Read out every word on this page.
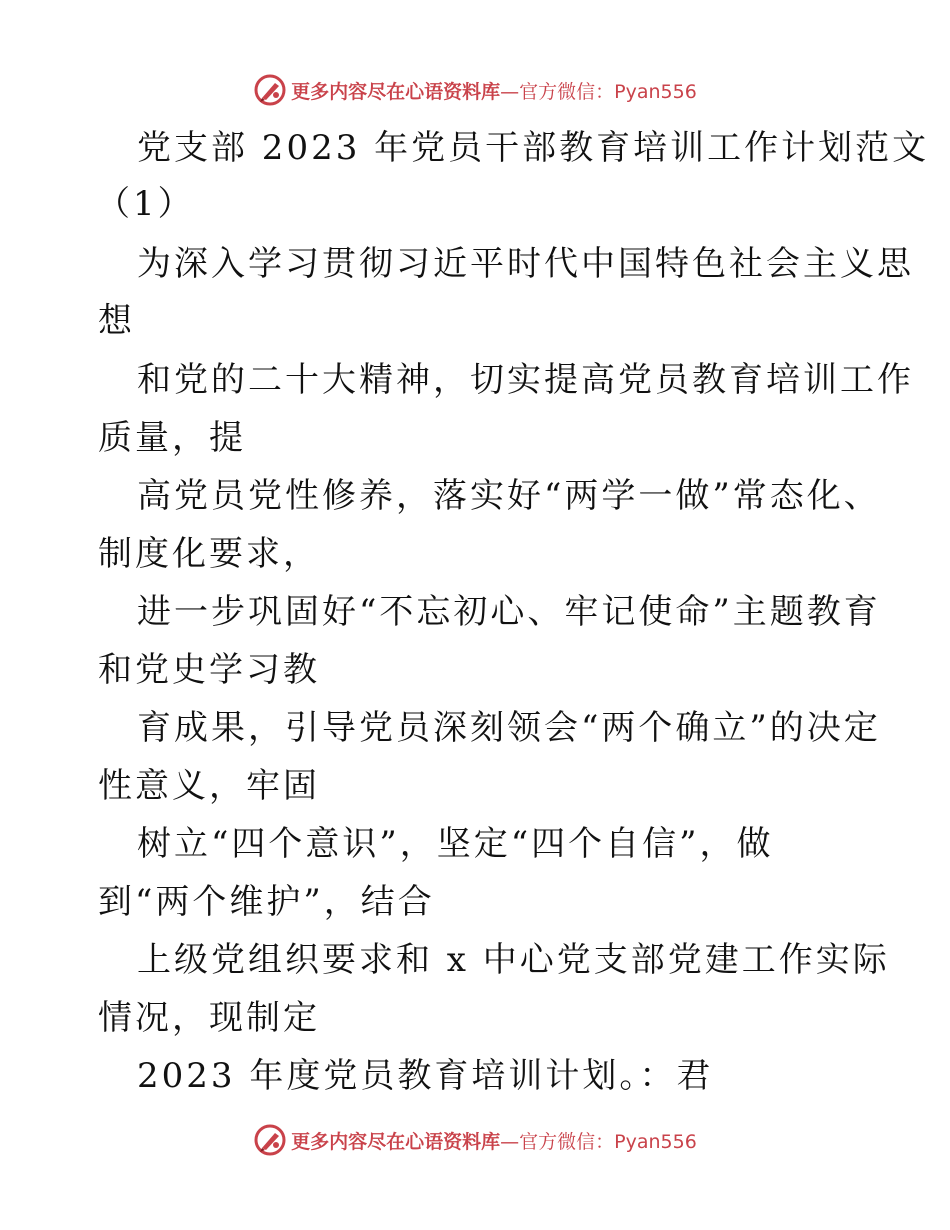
更多内容尽在心语资料库—官方微信：Pyan556
党支部 2023 年党员干部教育培训工作计划范文
（1）
为深入学习贯彻习近平时代中国特色社会主义思
想
和党的二十大精神，切实提高党员教育培训工作
质量，提
高党员党性修养，落实好“两学一做”常态化、
制度化要求，
进一步巩固好“不忘初心、牢记使命”主题教育
和党史学习教
育成果，引导党员深刻领会“两个确立”的决定
性意义，牢固
树立“四个意识”，坚定“四个自信”，做
到“两个维护”，结合
上级党组织要求和 x 中心党支部党建工作实际
情况，现制定
2023 年度党员教育培训计划。：君
更多内容尽在心语资料库—官方微信：Pyan556
